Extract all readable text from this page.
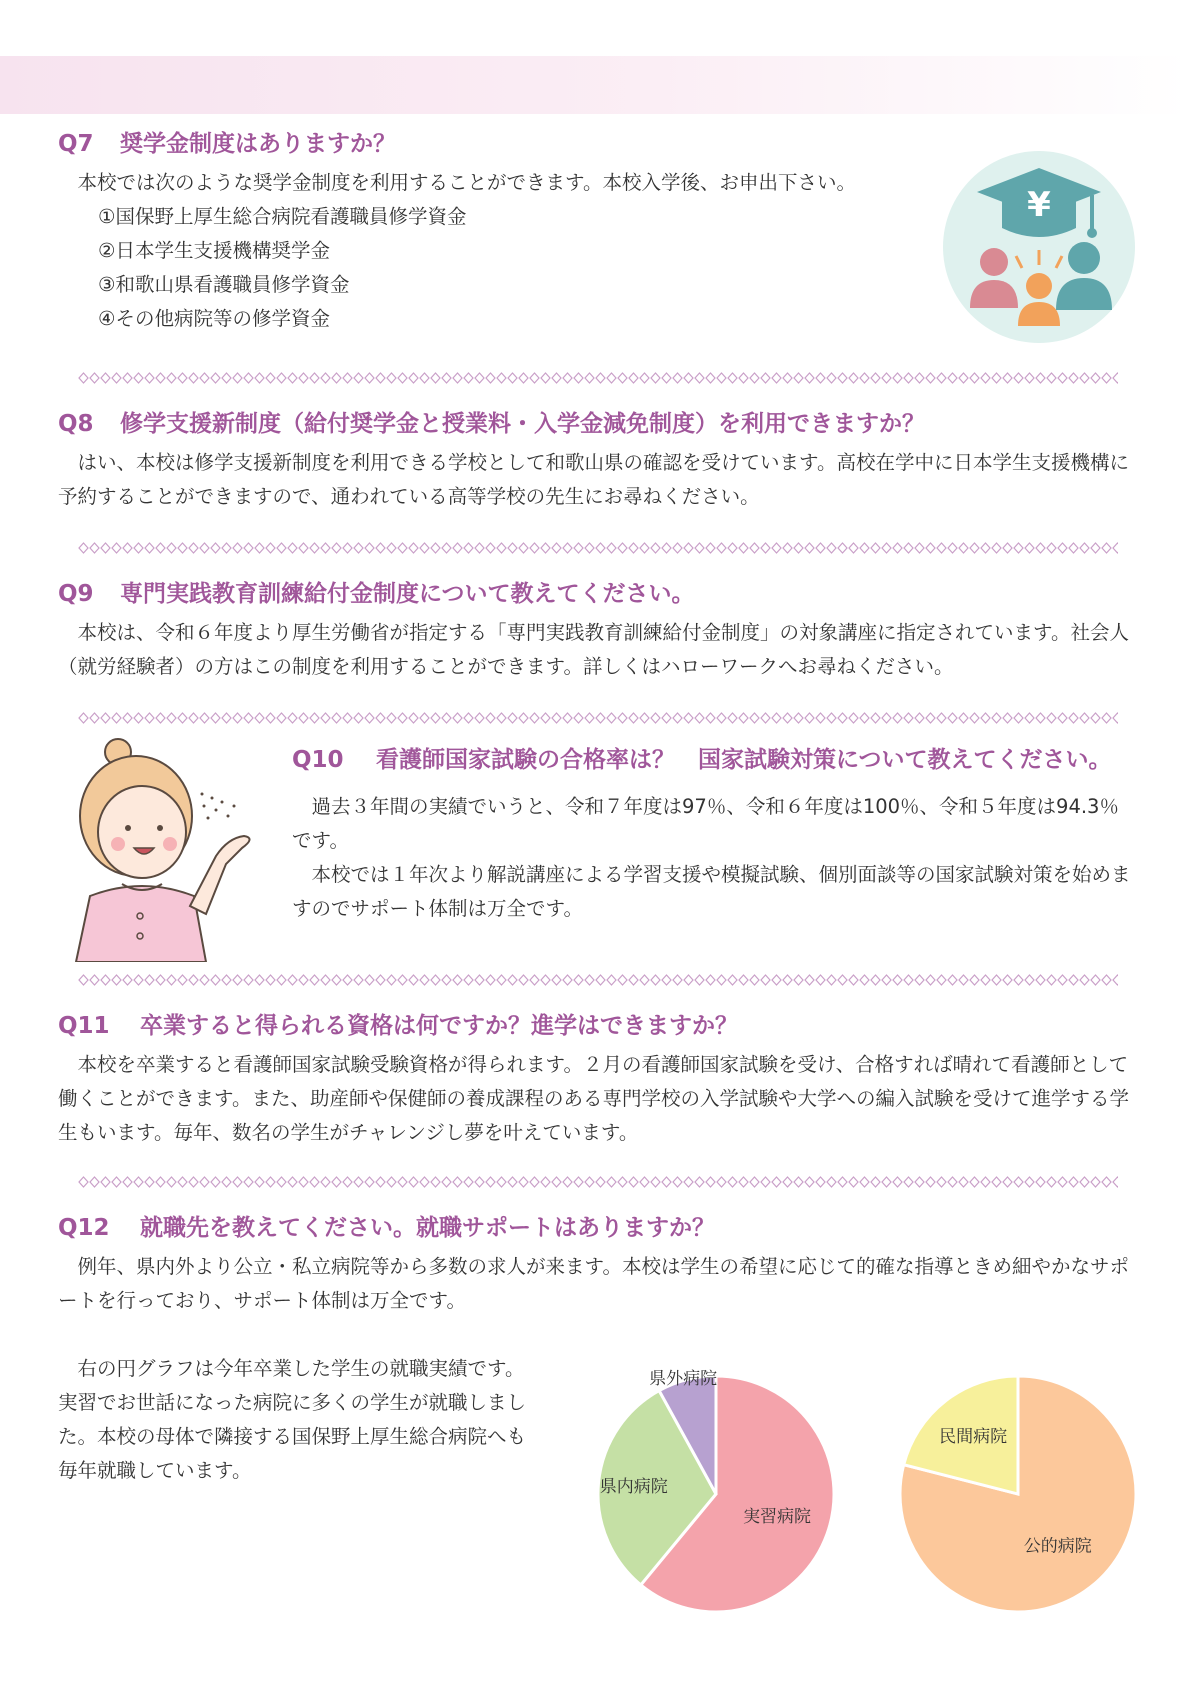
Q7 奨学金制度はありますか？

本校では次のような奨学金制度を利用することができます。本校入学後、お申出下さい。

①国保野上厚生総合病院看護職員修学資金
②日本学生支援機構奨学金
③和歌山県看護職員修学資金
④その他病院等の修学資金
¥
Q8 修学支援新制度（給付奨学金と授業料・入学金減免制度）を利用できますか？

はい、本校は修学支援新制度を利用できる学校として和歌山県の確認を受けています。高校在学中に日本学生支援機構に予約することができますので、通われている高等学校の先生にお尋ねください。

Q9 専門実践教育訓練給付金制度について教えてください。

本校は、令和６年度より厚生労働省が指定する「専門実践教育訓練給付金制度」の対象講座に指定されています。社会人（就労経験者）の方はこの制度を利用することができます。詳しくはハローワークへお尋ねください。

Q10 看護師国家試験の合格率は？　国家試験対策について教えてください。

過去３年間の実績でいうと、令和７年度は97％、令和６年度は100％、令和５年度は94.3％です。

本校では１年次より解説講座による学習支援や模擬試験、個別面談等の国家試験対策を始めますのでサポート体制は万全です。

Q11 卒業すると得られる資格は何ですか？進学はできますか？

本校を卒業すると看護師国家試験受験資格が得られます。２月の看護師国家試験を受け、合格すれば晴れて看護師として働くことができます。また、助産師や保健師の養成課程のある専門学校の入学試験や大学への編入試験を受けて進学する学生もいます。毎年、数名の学生がチャレンジし夢を叶えています。

Q12 就職先を教えてください。就職サポートはありますか？

例年、県内外より公立・私立病院等から多数の求人が来ます。本校は学生の希望に応じて的確な指導ときめ細やかなサポートを行っており、サポート体制は万全です。

右の円グラフは今年卒業した学生の就職実績です。実習でお世話になった病院に多くの学生が就職しました。本校の母体で隣接する国保野上厚生総合病院へも毎年就職しています。

実習病院
県内病院
県外病院
公的病院
民間病院
